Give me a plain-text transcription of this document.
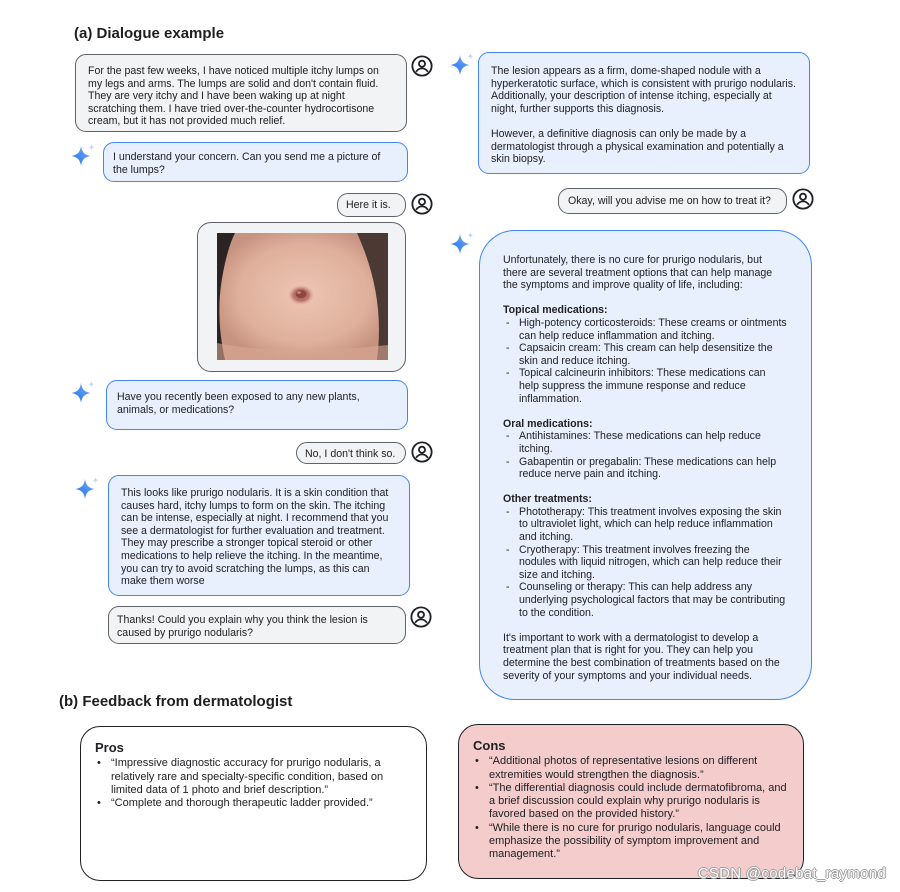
(a) Dialogue example
(b) Feedback from dermatologist
For the past few weeks, I have noticed multiple itchy lumps on my legs and arms. The lumps are solid and don't contain fluid. They are very itchy and I have been waking up at night scratching them. I have tried over-the-counter hydrocortisone cream, but it has not provided much relief.
I understand your concern. Can you send me a picture of the lumps?
Here it is.
Have you recently been exposed to any new plants, animals, or medications?
No, I don't think so.
This looks like prurigo nodularis. It is a skin condition that causes hard, itchy lumps to form on the skin. The itching can be intense, especially at night. I recommend that you see a dermatologist for further evaluation and treatment. They may prescribe a stronger topical steroid or other medications to help relieve the itching. In the meantime, you can try to avoid scratching the lumps, as this can make them worse
Thanks! Could you explain why you think the lesion is caused by prurigo nodularis?

The lesion appears as a firm, dome-shaped nodule with a hyperkeratotic surface, which is consistent with prurigo nodularis. Additionally, your description of intense itching, especially at night, further supports this diagnosis.

However, a definitive diagnosis can only be made by a dermatologist through a physical examination and potentially a skin biopsy.

Okay, will you advise me on how to treat it?

Unfortunately, there is no cure for prurigo nodularis, but there are several treatment options that can help manage the symptoms and improve quality of life, including:

Topical medications:
- High-potency corticosteroids: These creams or ointments can help reduce inflammation and itching.
- Capsaicin cream: This cream can help desensitize the skin and reduce itching.
- Topical calcineurin inhibitors: These medications can help suppress the immune response and reduce inflammation.
Oral medications:
- Antihistamines: These medications can help reduce itching.
- Gabapentin or pregabalin: These medications can help reduce nerve pain and itching.
Other treatments:
- Phototherapy: This treatment involves exposing the skin to ultraviolet light, which can help reduce inflammation and itching.
- Cryotherapy: This treatment involves freezing the nodules with liquid nitrogen, which can help reduce their size and itching.
- Counseling or therapy: This can help address any underlying psychological factors that may be contributing to the condition.

It's important to work with a dermatologist to develop a treatment plan that is right for you. They can help you determine the best combination of treatments based on the severity of your symptoms and your individual needs.

Pros
• “Impressive diagnostic accuracy for prurigo nodularis, a relatively rare and specialty-specific condition, based on limited data of 1 photo and brief description.”
• “Complete and thorough therapeutic ladder provided.”
Cons
• “Additional photos of representative lesions on different extremities would strengthen the diagnosis.”
• “The differential diagnosis could include dermatofibroma, and a brief discussion could explain why prurigo nodularis is favored based on the provided history.”
• “While there is no cure for prurigo nodularis, language could emphasize the possibility of symptom improvement and management.”
CSDN @codebat_raymond
